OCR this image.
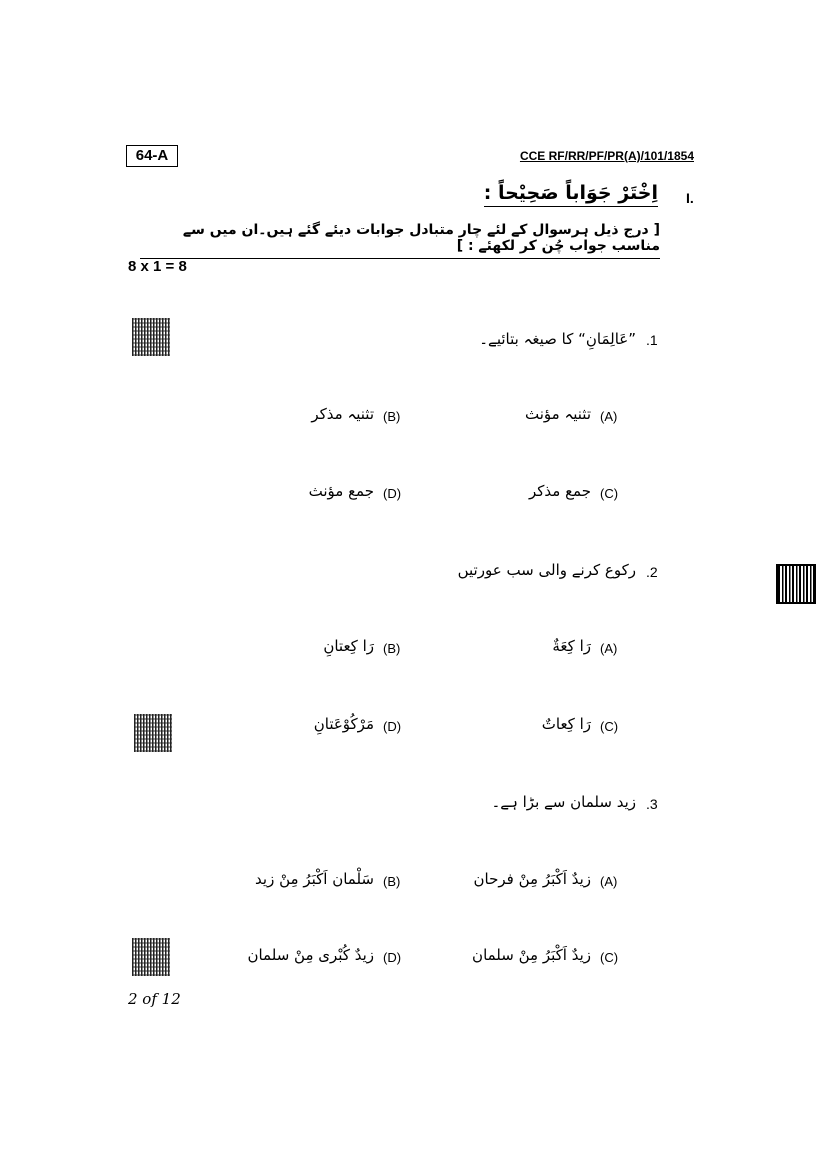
64-A	CCE RF/RR/PF/PR(A)/101/1854
I.
اِخْتَرْ جَوَاباً صَحِیْحاً :
[ درج ذیل ہرسوال کے لئے چار متبادل جوابات دیئے گئے ہیں۔ان میں سے مناسب جواب چُن کر لکھئے : ]
8 x 1 = 8
.1
”عَالِمَانِ“ کا صیغہ بتائیے۔
(A)
تثنیہ مؤنث
(B)
تثنیہ مذکر
(C)
جمع مذکر
(D)
جمع مؤنث
.2
رکوع کرنے والی سب عورتیں
(A)
رَا كِعَةٌ
(B)
رَا كِعتانِ
(C)
رَا كِعاتٌ
(D)
مَرْكُوْعَتانِ
.3
زید سلمان سے بڑا ہے۔
(A)
زيدٌ اَكْبَرُ مِنْ فرحان
(B)
سَلْمان اَكْبَرُ مِنْ زيد
(C)
زيدٌ اَكْبَرُ مِنْ سلمان
(D)
زيدٌ كُبْرى مِنْ سلمان
2 of 12
